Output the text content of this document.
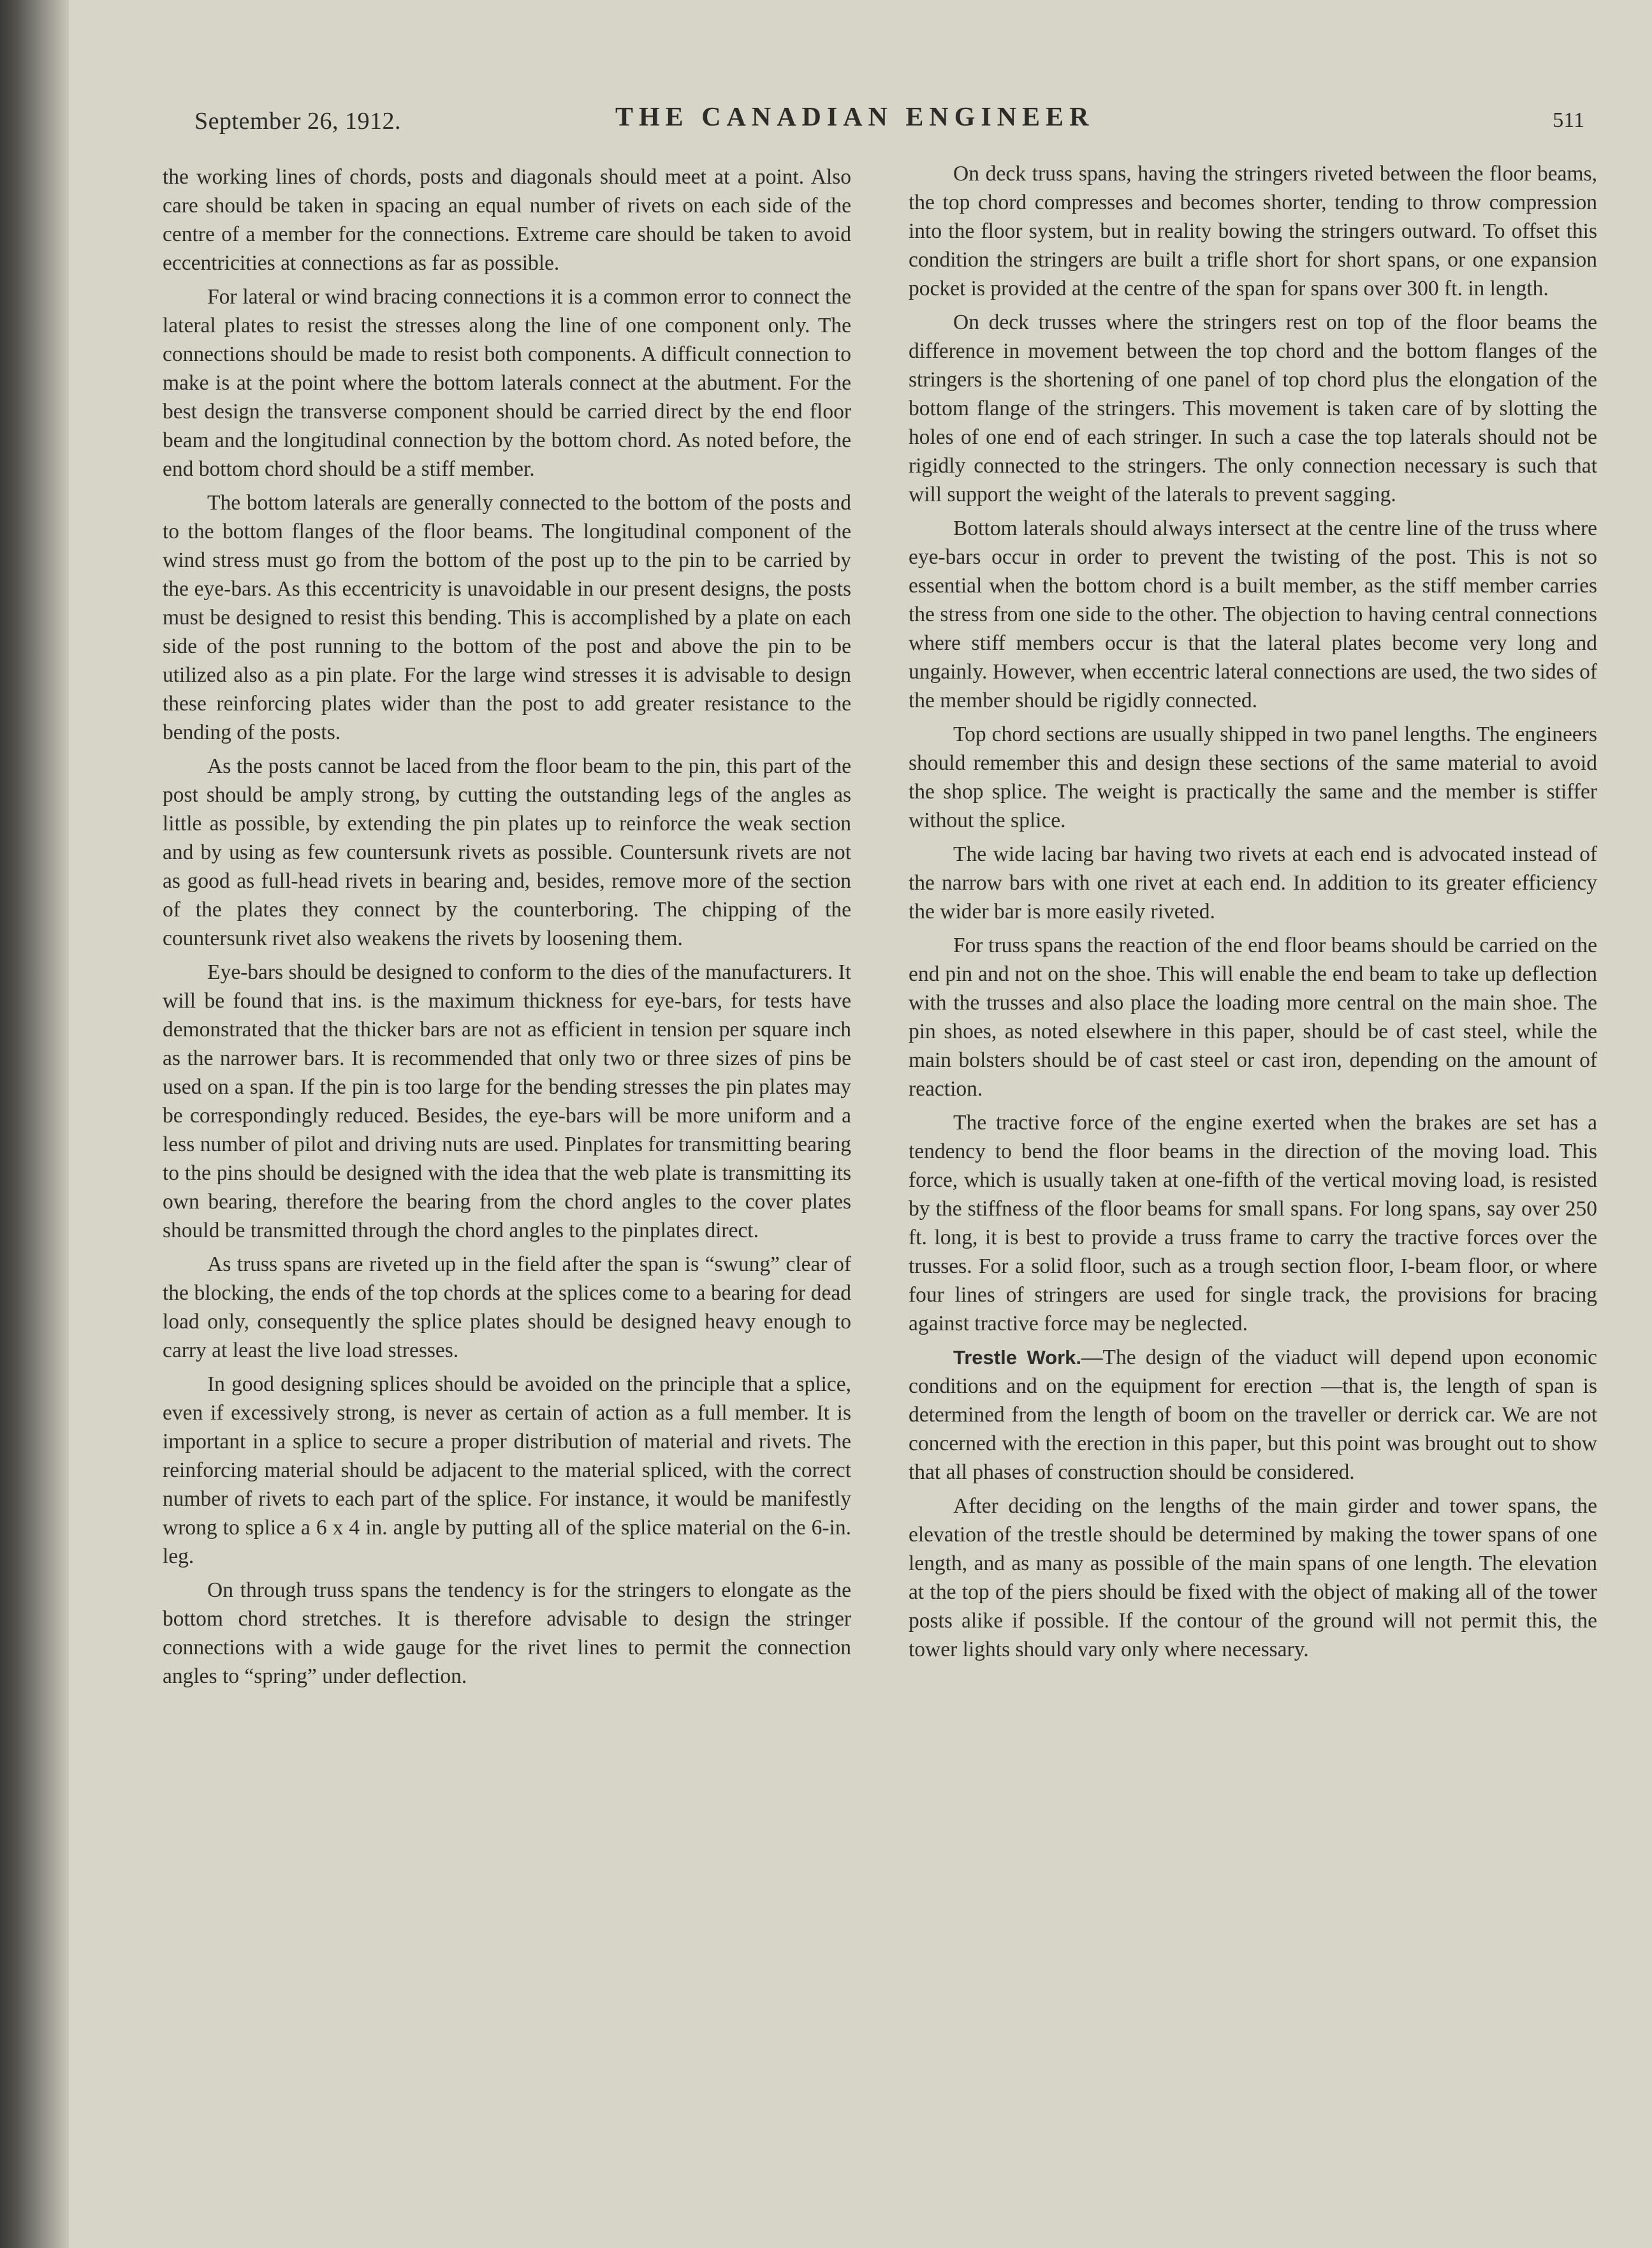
September 26, 1912.	THE CANADIAN ENGINEER	511

the working lines of chords, posts and diagonals should meet at a point. Also care should be taken in spacing an equal number of rivets on each side of the centre of a member for the connections. Extreme care should be taken to avoid eccentricities at connections as far as possible.

For lateral or wind bracing connections it is a common error to connect the lateral plates to resist the stresses along the line of one component only. The connections should be made to resist both components. A difficult connection to make is at the point where the bottom laterals connect at the abutment. For the best design the transverse component should be carried direct by the end floor beam and the longitudinal connection by the bottom chord. As noted before, the end bottom chord should be a stiff member.

The bottom laterals are generally connected to the bottom of the posts and to the bottom flanges of the floor beams. The longitudinal component of the wind stress must go from the bottom of the post up to the pin to be carried by the eye-bars. As this eccentricity is unavoidable in our present designs, the posts must be designed to resist this bending. This is accomplished by a plate on each side of the post running to the bottom of the post and above the pin to be utilized also as a pin plate. For the large wind stresses it is advisable to design these reinforcing plates wider than the post to add greater resistance to the bending of the posts.

As the posts cannot be laced from the floor beam to the pin, this part of the post should be amply strong, by cutting the outstanding legs of the angles as little as possible, by extending the pin plates up to reinforce the weak section and by using as few countersunk rivets as possible. Countersunk rivets are not as good as full-head rivets in bearing and, besides, remove more of the section of the plates they connect by the counterboring. The chipping of the countersunk rivet also weakens the rivets by loosening them.

Eye-bars should be designed to conform to the dies of the manufacturers. It will be found that ins. is the maximum thickness for eye-bars, for tests have demonstrated that the thicker bars are not as efficient in tension per square inch as the narrower bars. It is recommended that only two or three sizes of pins be used on a span. If the pin is too large for the bending stresses the pin plates may be correspondingly reduced. Besides, the eye-bars will be more uniform and a less number of pilot and driving nuts are used. Pinplates for transmitting bearing to the pins should be designed with the idea that the web plate is transmitting its own bearing, therefore the bearing from the chord angles to the cover plates should be transmitted through the chord angles to the pinplates direct.

As truss spans are riveted up in the field after the span is “swung” clear of the blocking, the ends of the top chords at the splices come to a bearing for dead load only, consequently the splice plates should be designed heavy enough to carry at least the live load stresses.

In good designing splices should be avoided on the principle that a splice, even if excessively strong, is never as certain of action as a full member. It is important in a splice to secure a proper distribution of material and rivets. The reinforcing material should be adjacent to the material spliced, with the correct number of rivets to each part of the splice. For instance, it would be manifestly wrong to splice a 6 x 4 in. angle by putting all of the splice material on the 6-in. leg.

On through truss spans the tendency is for the stringers to elongate as the bottom chord stretches. It is therefore advisable to design the stringer connections with a wide gauge for the rivet lines to permit the connection angles to “spring” under deflection.

On deck truss spans, having the stringers riveted between the floor beams, the top chord compresses and becomes shorter, tending to throw compression into the floor system, but in reality bowing the stringers outward. To offset this condition the stringers are built a trifle short for short spans, or one expansion pocket is provided at the centre of the span for spans over 300 ft. in length.

On deck trusses where the stringers rest on top of the floor beams the difference in movement between the top chord and the bottom flanges of the stringers is the shortening of one panel of top chord plus the elongation of the bottom flange of the stringers. This movement is taken care of by slotting the holes of one end of each stringer. In such a case the top laterals should not be rigidly connected to the stringers. The only connection necessary is such that will support the weight of the laterals to prevent sagging.

Bottom laterals should always intersect at the centre line of the truss where eye-bars occur in order to prevent the twisting of the post. This is not so essential when the bottom chord is a built member, as the stiff member carries the stress from one side to the other. The objection to having central connections where stiff members occur is that the lateral plates become very long and ungainly. However, when eccentric lateral connections are used, the two sides of the member should be rigidly connected.

Top chord sections are usually shipped in two panel lengths. The engineers should remember this and design these sections of the same material to avoid the shop splice. The weight is practically the same and the member is stiffer without the splice.

The wide lacing bar having two rivets at each end is advocated instead of the narrow bars with one rivet at each end. In addition to its greater efficiency the wider bar is more easily riveted.

For truss spans the reaction of the end floor beams should be carried on the end pin and not on the shoe. This will enable the end beam to take up deflection with the trusses and also place the loading more central on the main shoe. The pin shoes, as noted elsewhere in this paper, should be of cast steel, while the main bolsters should be of cast steel or cast iron, depending on the amount of reaction.

The tractive force of the engine exerted when the brakes are set has a tendency to bend the floor beams in the direction of the moving load. This force, which is usually taken at one-fifth of the vertical moving load, is resisted by the stiffness of the floor beams for small spans. For long spans, say over 250 ft. long, it is best to provide a truss frame to carry the tractive forces over the trusses. For a solid floor, such as a trough section floor, I-beam floor, or where four lines of stringers are used for single track, the provisions for bracing against tractive force may be neglected.

Trestle Work.—The design of the viaduct will depend upon economic conditions and on the equipment for erection —that is, the length of span is determined from the length of boom on the traveller or derrick car. We are not concerned with the erection in this paper, but this point was brought out to show that all phases of construction should be considered.

After deciding on the lengths of the main girder and tower spans, the elevation of the trestle should be determined by making the tower spans of one length, and as many as possible of the main spans of one length. The elevation at the top of the piers should be fixed with the object of making all of the tower posts alike if possible. If the contour of the ground will not permit this, the tower lights should vary only where necessary.
